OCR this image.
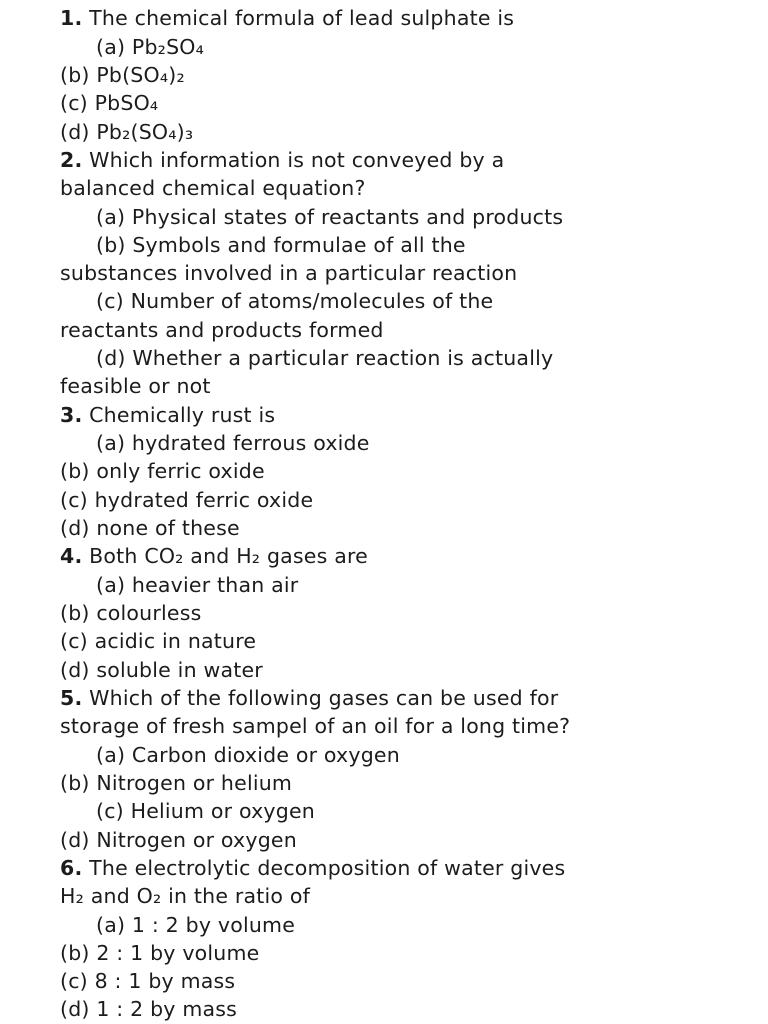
1. The chemical formula of lead sulphate is
(a) Pb₂SO₄
(b) Pb(SO₄)₂
(c) PbSO₄
(d) Pb₂(SO₄)₃
2. Which information is not conveyed by a
balanced chemical equation?
(a) Physical states of reactants and products
(b) Symbols and formulae of all the
substances involved in a particular reaction
(c) Number of atoms/molecules of the
reactants and products formed
(d) Whether a particular reaction is actually
feasible or not
3. Chemically rust is
(a) hydrated ferrous oxide
(b) only ferric oxide
(c) hydrated ferric oxide
(d) none of these
4. Both CO₂ and H₂ gases are
(a) heavier than air
(b) colourless
(c) acidic in nature
(d) soluble in water
5. Which of the following gases can be used for
storage of fresh sampel of an oil for a long time?
(a) Carbon dioxide or oxygen
(b) Nitrogen or helium
(c) Helium or oxygen
(d) Nitrogen or oxygen
6. The electrolytic decomposition of water gives
H₂ and O₂ in the ratio of
(a) 1 : 2 by volume
(b) 2 : 1 by volume
(c) 8 : 1 by mass
(d) 1 : 2 by mass
